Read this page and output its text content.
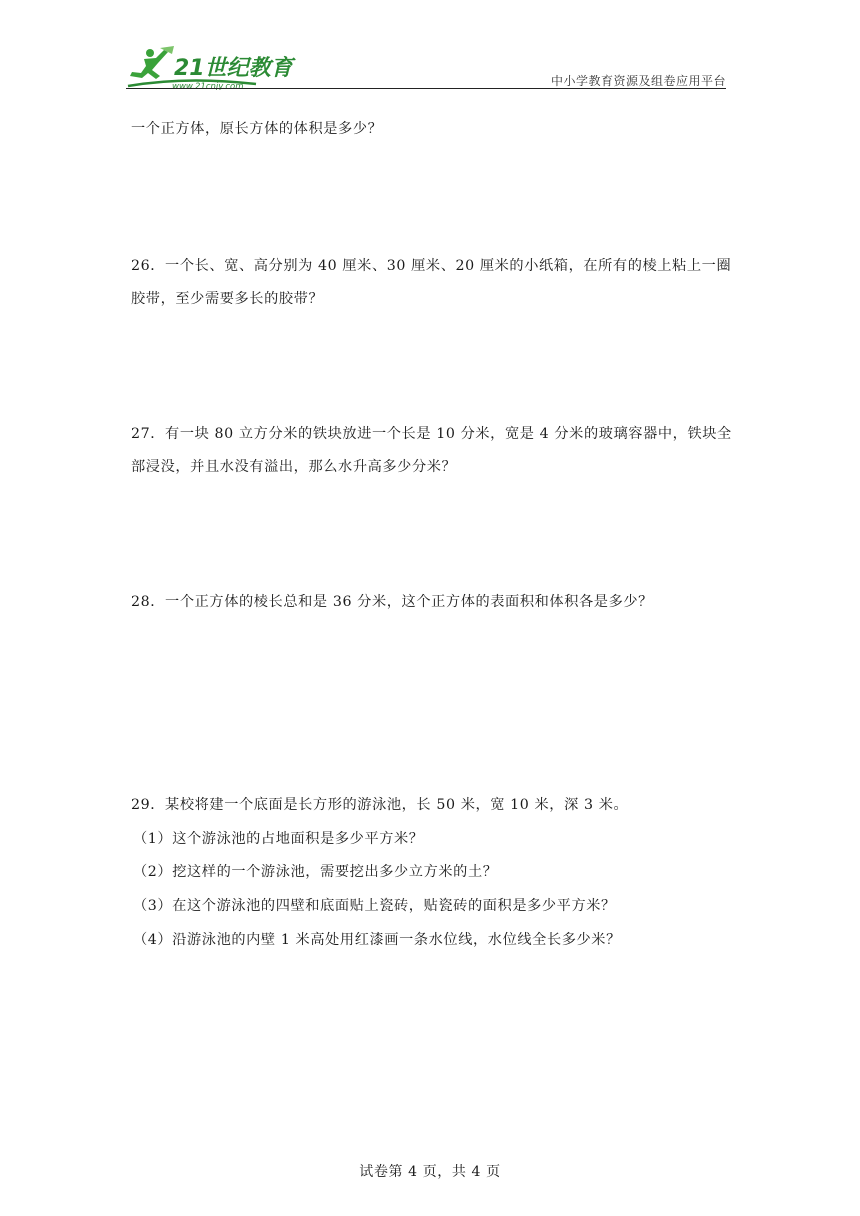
21世纪教育
www.21cnjy.com	中小学教育资源及组卷应用平台
一个正方体，原长方体的体积是多少？
26．一个长、宽、高分别为 40 厘米、30 厘米、20 厘米的小纸箱，在所有的棱上粘上一圈
胶带，至少需要多长的胶带？
27．有一块 80 立方分米的铁块放进一个长是 10 分米，宽是 4 分米的玻璃容器中，铁块全
部浸没，并且水没有溢出，那么水升高多少分米？
28．一个正方体的棱长总和是 36 分米，这个正方体的表面积和体积各是多少？
29．某校将建一个底面是长方形的游泳池，长 50 米，宽 10 米，深 3 米。
（1）这个游泳池的占地面积是多少平方米？
（2）挖这样的一个游泳池，需要挖出多少立方米的土？
（3）在这个游泳池的四壁和底面贴上瓷砖，贴瓷砖的面积是多少平方米？
（4）沿游泳池的内壁 1 米高处用红漆画一条水位线，水位线全长多少米？
试卷第 4 页，共 4 页
